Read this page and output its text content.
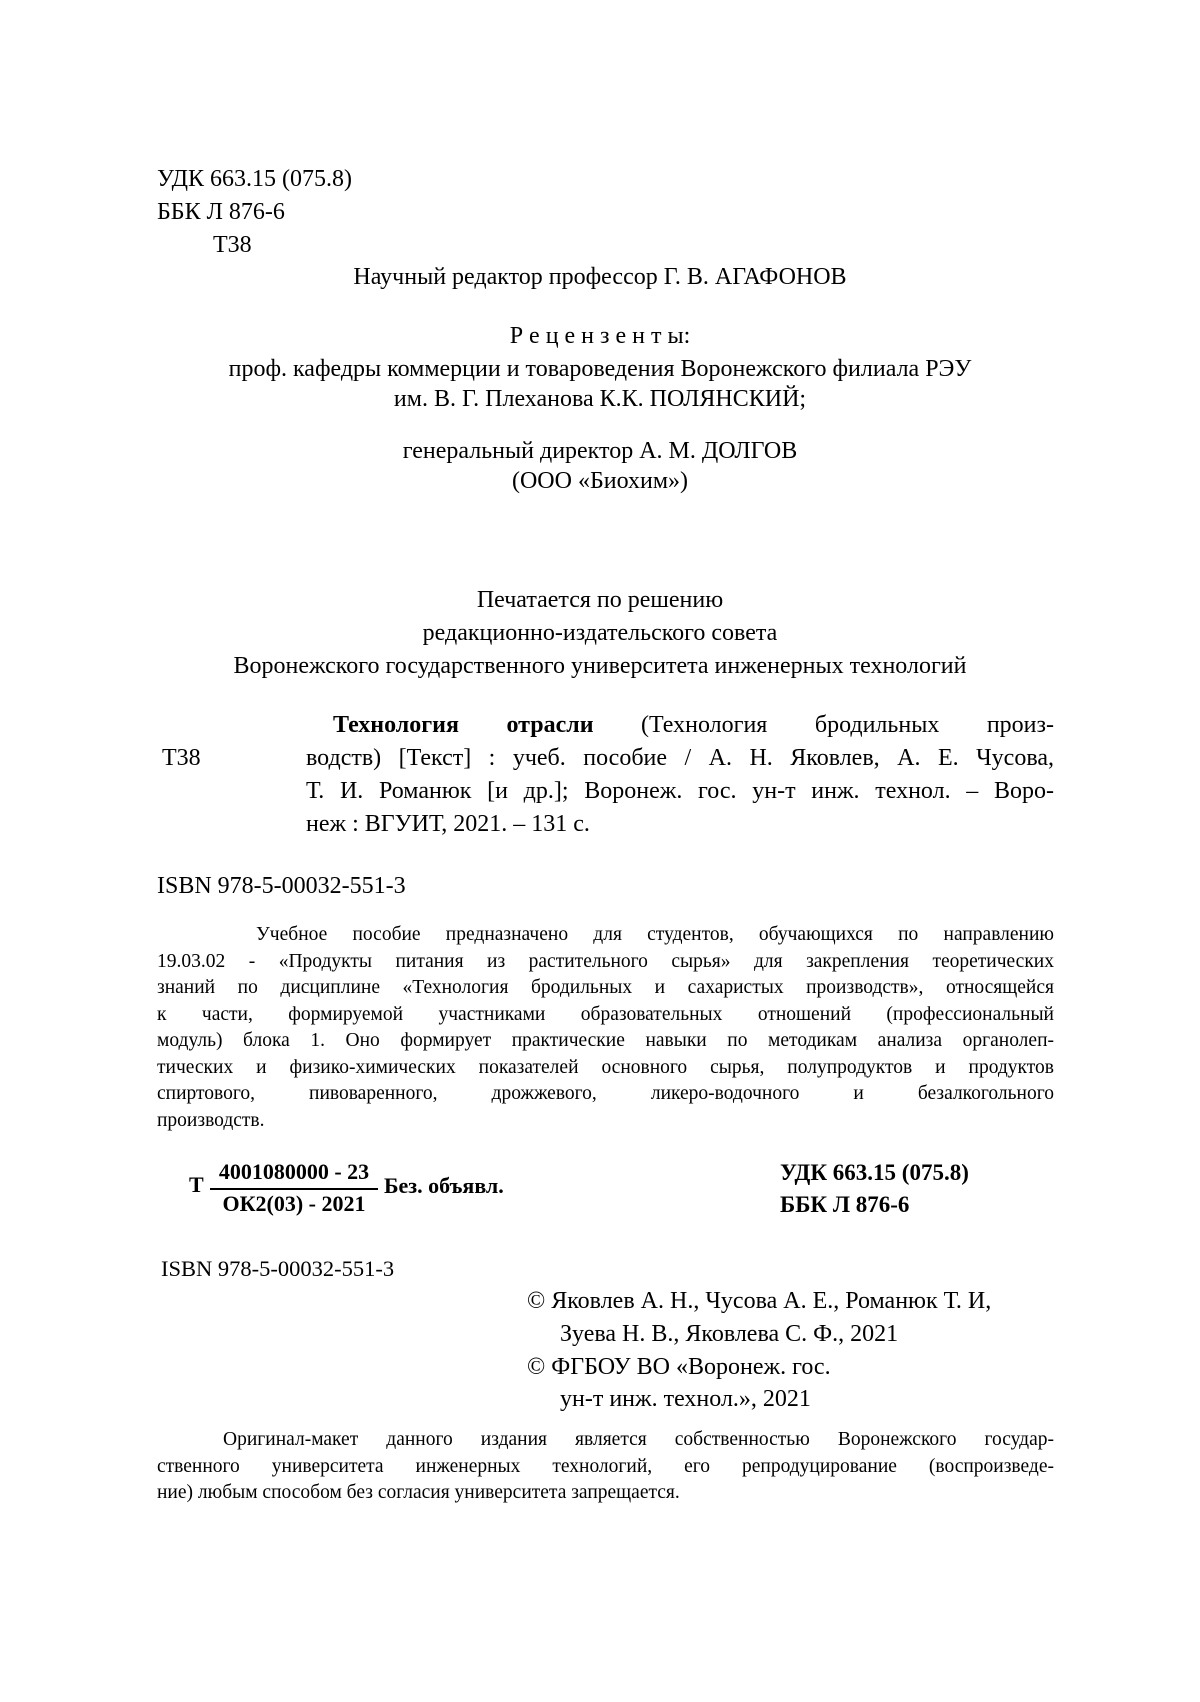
УДК 663.15 (075.8)
ББК Л 876-6
Т38
Научный редактор профессор Г. В. АГАФОНОВ
Р е ц е н з е н т ы:
проф. кафедры коммерции и товароведения Воронежского филиала РЭУ
им. В. Г. Плеханова К.К. ПОЛЯНСКИЙ;
генеральный директор А. М. ДОЛГОВ
(ООО «Биохим»)
Печатается по решению
редакционно-издательского совета
Воронежского государственного университета инженерных технологий
Т38
Технология отрасли (Технология бродильных произ-
водств) [Текст] : учеб. пособие / А. Н. Яковлев, А. Е. Чусова,
Т. И. Романюк [и др.]; Воронеж. гос. ун-т инж. технол. – Воро-
неж : ВГУИТ, 2021. – 131 с.
ISBN 978-5-00032-551-3
Учебное пособие предназначено для студентов, обучающихся по направлению
19.03.02 - «Продукты питания из растительного сырья» для закрепления теоретических
знаний по дисциплине «Технология бродильных и сахаристых производств», относящейся
к части, формируемой участниками образовательных отношений (профессиональный
модуль) блока 1. Оно формирует практические навыки по методикам анализа органолеп-
тических и физико-химических показателей основного сырья, полупродуктов и продуктов
спиртового, пивоваренного, дрожжевого, ликеро-водочного и безалкогольного
производств.
Т
4001080000 - 23
ОК2(03) - 2021
Без. объявл.
УДК 663.15 (075.8)
ББК Л 876-6
ISBN 978-5-00032-551-3
© Яковлев А. Н., Чусова А. Е., Романюк Т. И,
Зуева Н. В., Яковлева С. Ф., 2021
© ФГБОУ ВО «Воронеж. гос.
ун-т инж. технол.», 2021
Оригинал-макет данного издания является собственностью Воронежского государ-
ственного университета инженерных технологий, его репродуцирование (воспроизведе-
ние) любым способом без согласия университета запрещается.
